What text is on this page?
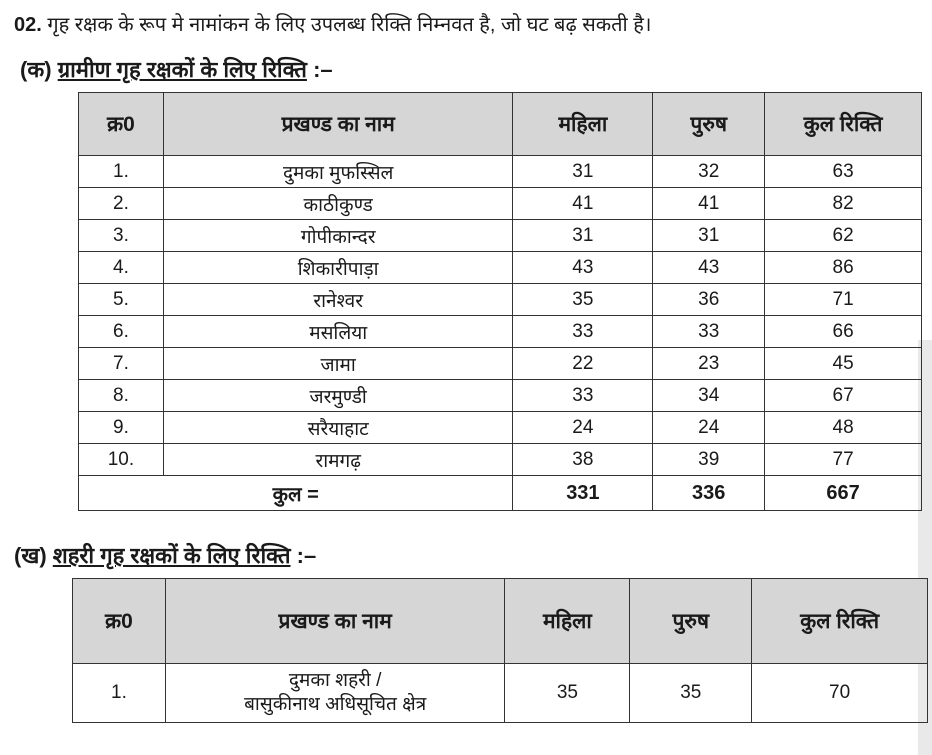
02. गृह रक्षक के रूप मे नामांकन के लिए उपलब्ध रिक्ति निम्नवत है, जो घट बढ़ सकती है।
(क) ग्रामीण गृह रक्षकों के लिए रिक्ति :–
क्र0	प्रखण्ड का नाम	महिला	पुरुष	कुल रिक्ति
1.	दुमका मुफस्सिल	31	32	63
2.	काठीकुण्ड	41	41	82
3.	गोपीकान्दर	31	31	62
4.	शिकारीपाड़ा	43	43	86
5.	रानेश्वर	35	36	71
6.	मसलिया	33	33	66
7.	जामा	22	23	45
8.	जरमुण्डी	33	34	67
9.	सरैयाहाट	24	24	48
10.	रामगढ़	38	39	77
कुल =		331	336	667
(ख) शहरी गृह रक्षकों के लिए रिक्ति :–
क्र0	प्रखण्ड का नाम	महिला	पुरुष	कुल रिक्ति
1.	दुमका शहरी /
बासुकीनाथ अधिसूचित क्षेत्र	35	35	70
